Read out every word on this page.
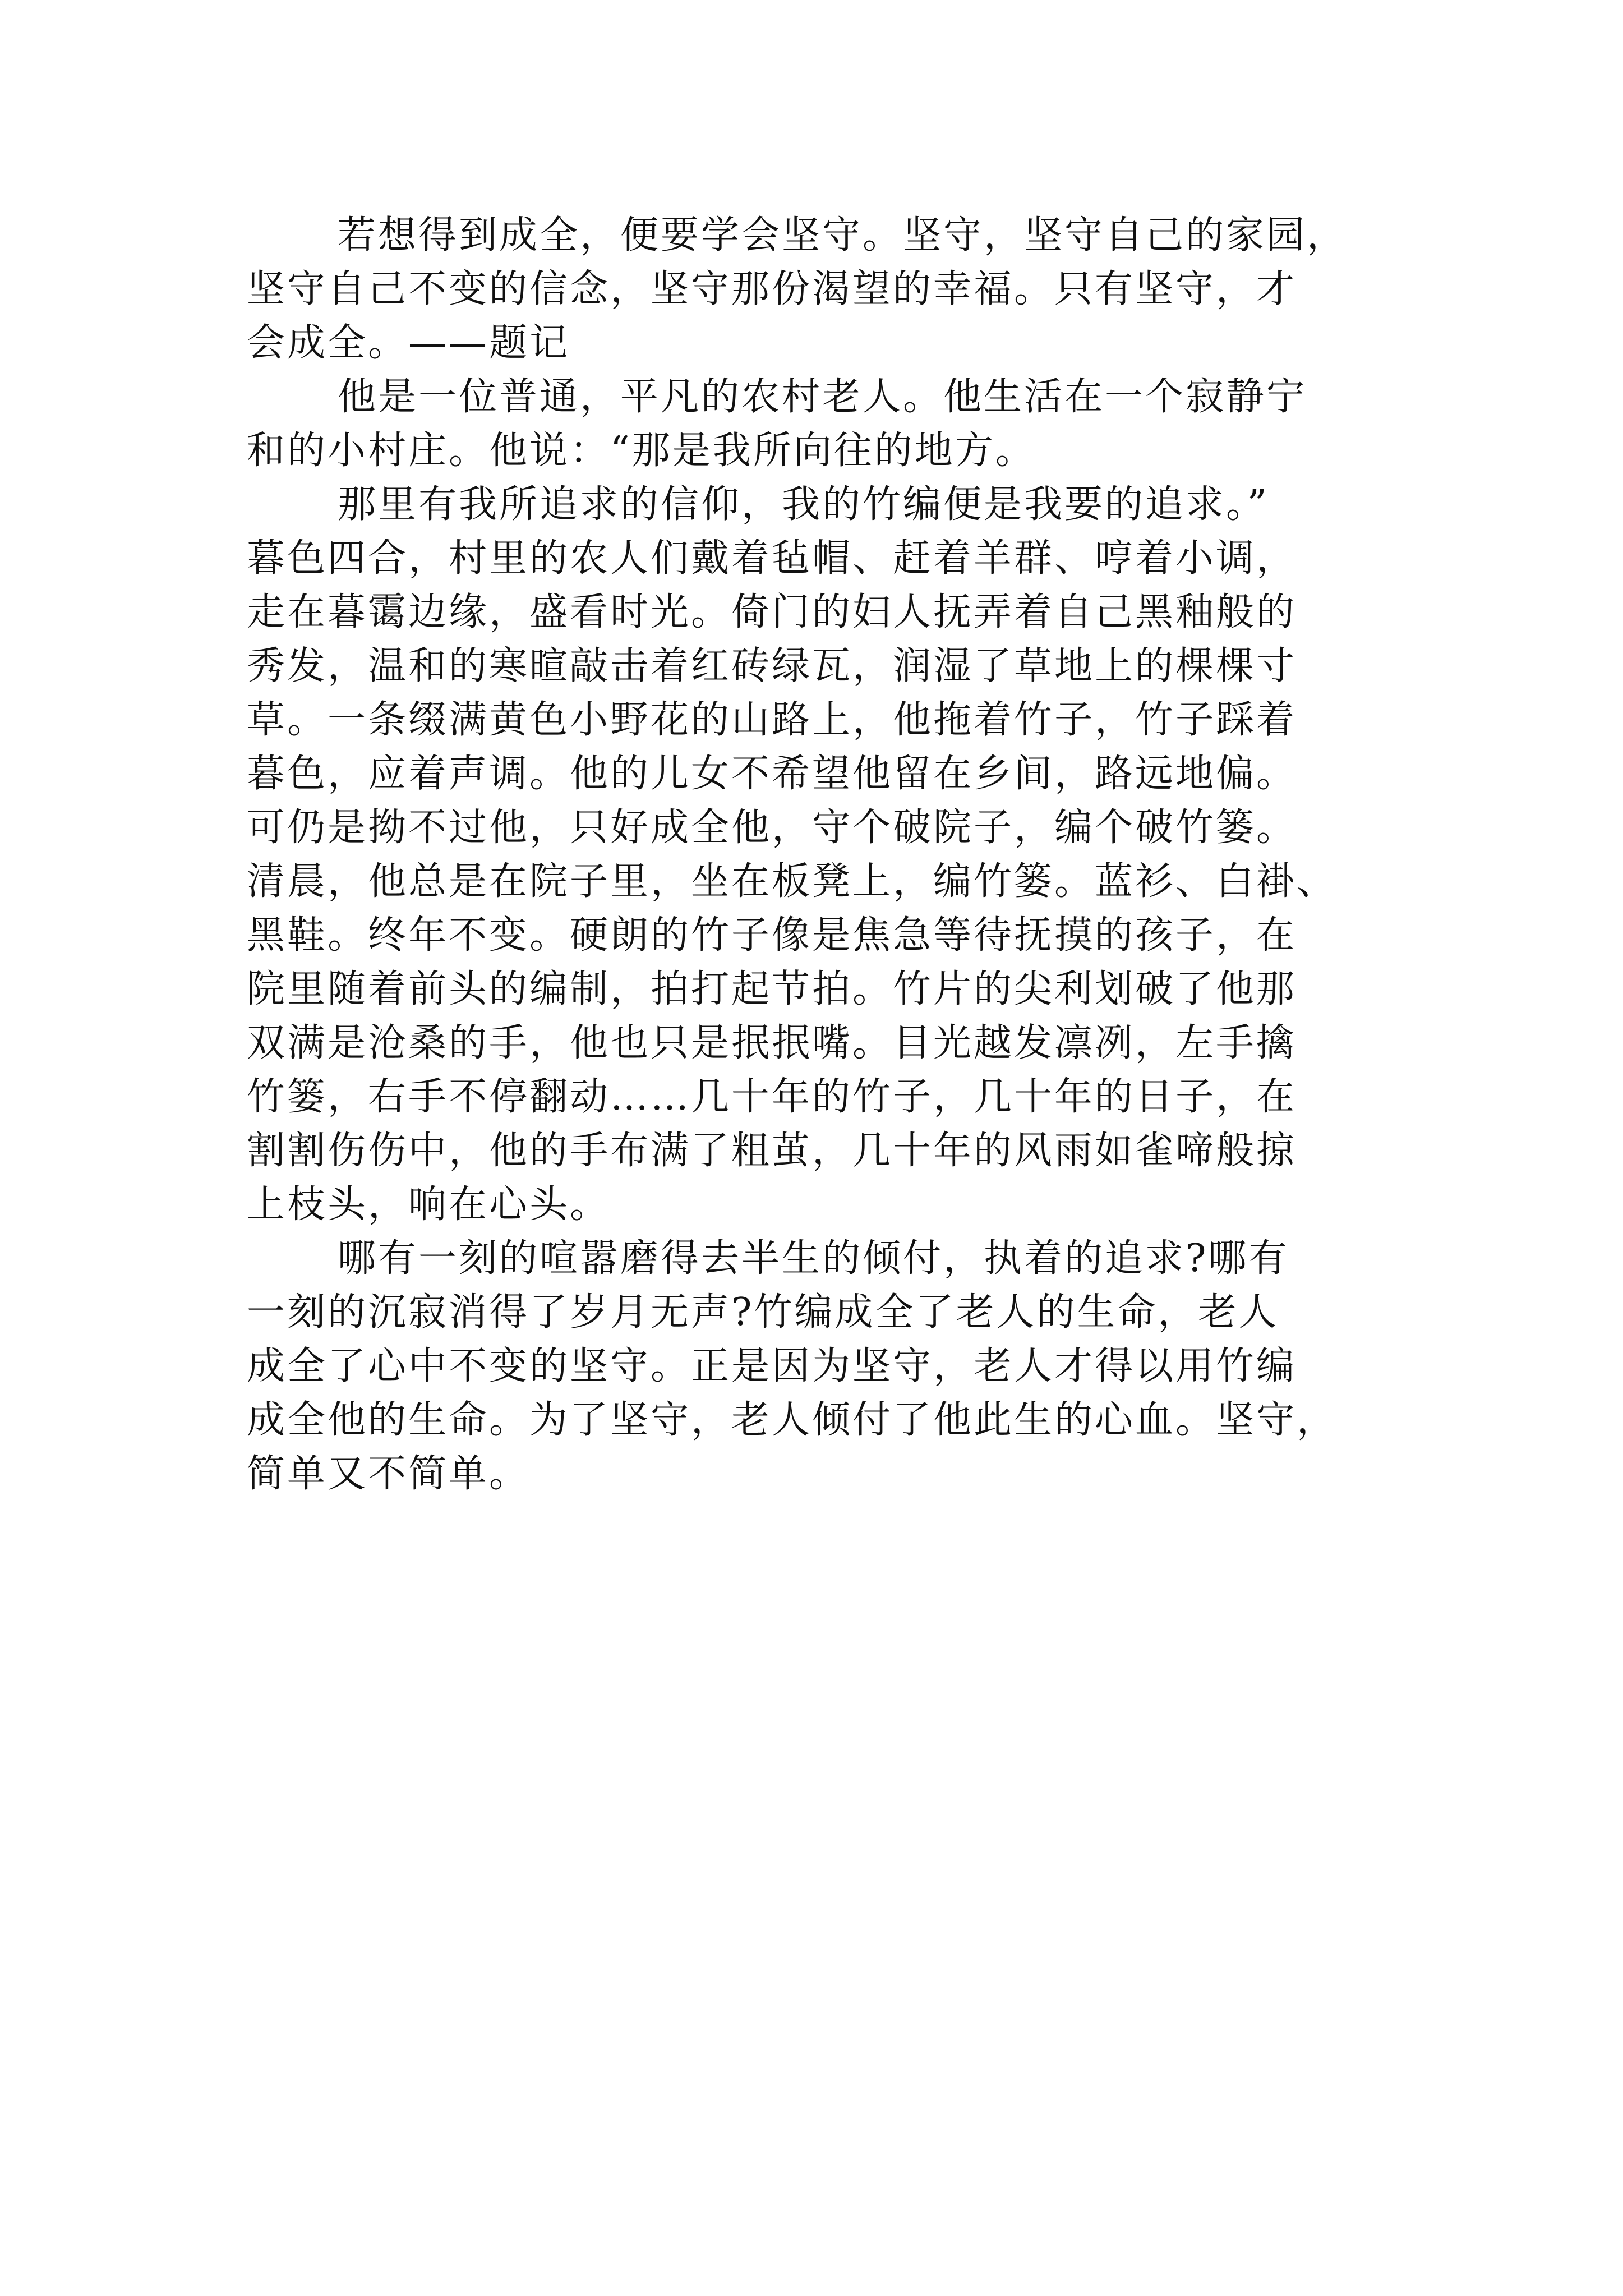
若想得到成全，便要学会坚守。坚守，坚守自己的家园，

坚守自己不变的信念，坚守那份渴望的幸福。只有坚守，才

会成全。——题记

他是一位普通，平凡的农村老人。他生活在一个寂静宁

和的小村庄。他说：“那是我所向往的地方。

那里有我所追求的信仰，我的竹编便是我要的追求。”

暮色四合，村里的农人们戴着毡帽、赶着羊群、哼着小调，

走在暮霭边缘，盛看时光。倚门的妇人抚弄着自己黑釉般的

秀发，温和的寒暄敲击着红砖绿瓦，润湿了草地上的棵棵寸

草。一条缀满黄色小野花的山路上，他拖着竹子，竹子踩着

暮色，应着声调。他的儿女不希望他留在乡间，路远地偏。

可仍是拗不过他，只好成全他，守个破院子，编个破竹篓。

清晨，他总是在院子里，坐在板凳上，编竹篓。蓝衫、白褂、

黑鞋。终年不变。硬朗的竹子像是焦急等待抚摸的孩子，在

院里随着前头的编制，拍打起节拍。竹片的尖利划破了他那

双满是沧桑的手，他也只是抿抿嘴。目光越发凛冽，左手擒

竹篓，右手不停翻动……几十年的竹子，几十年的日子，在

割割伤伤中，他的手布满了粗茧，几十年的风雨如雀啼般掠

上枝头，响在心头。

哪有一刻的喧嚣磨得去半生的倾付，执着的追求?哪有

一刻的沉寂消得了岁月无声?竹编成全了老人的生命，老人

成全了心中不变的坚守。正是因为坚守，老人才得以用竹编

成全他的生命。为了坚守，老人倾付了他此生的心血。坚守，

简单又不简单。
